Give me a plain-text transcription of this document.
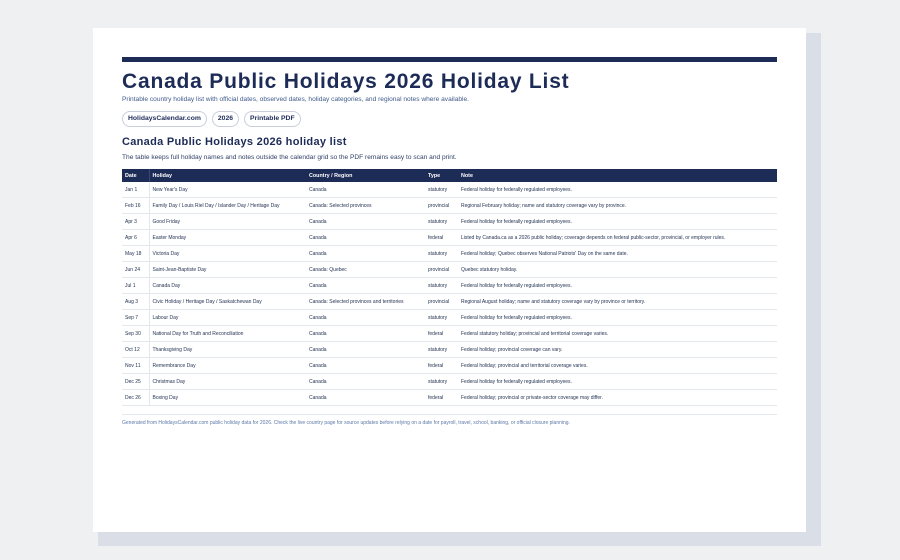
Canada Public Holidays 2026 Holiday List
Printable country holiday list with official dates, observed dates, holiday categories, and regional notes where available.
HolidaysCalendar.com	2026	Printable PDF
Canada Public Holidays 2026 holiday list
The table keeps full holiday names and notes outside the calendar grid so the PDF remains easy to scan and print.
Date	Holiday	Country / Region	Type	Note
Jan 1	New Year's Day	Canada	statutory	Federal holiday for federally regulated employees.
Feb 16	Family Day / Louis Riel Day / Islander Day / Heritage Day	Canada: Selected provinces	provincial	Regional February holiday; name and statutory coverage vary by province.
Apr 3	Good Friday	Canada	statutory	Federal holiday for federally regulated employees.
Apr 6	Easter Monday	Canada	federal	Listed by Canada.ca as a 2026 public holiday; coverage depends on federal public-sector, provincial, or employer rules.
May 18	Victoria Day	Canada	statutory	Federal holiday; Quebec observes National Patriots' Day on the same date.
Jun 24	Saint-Jean-Baptiste Day	Canada: Quebec	provincial	Quebec statutory holiday.
Jul 1	Canada Day	Canada	statutory	Federal holiday for federally regulated employees.
Aug 3	Civic Holiday / Heritage Day / Saskatchewan Day	Canada: Selected provinces and territories	provincial	Regional August holiday; name and statutory coverage vary by province or territory.
Sep 7	Labour Day	Canada	statutory	Federal holiday for federally regulated employees.
Sep 30	National Day for Truth and Reconciliation	Canada	federal	Federal statutory holiday; provincial and territorial coverage varies.
Oct 12	Thanksgiving Day	Canada	statutory	Federal holiday; provincial coverage can vary.
Nov 11	Remembrance Day	Canada	federal	Federal holiday; provincial and territorial coverage varies.
Dec 25	Christmas Day	Canada	statutory	Federal holiday for federally regulated employees.
Dec 26	Boxing Day	Canada	federal	Federal holiday; provincial or private-sector coverage may differ.
Generated from HolidaysCalendar.com public holiday data for 2026. Check the live country page for source updates before relying on a date for payroll, travel, school, banking, or official closure planning.
